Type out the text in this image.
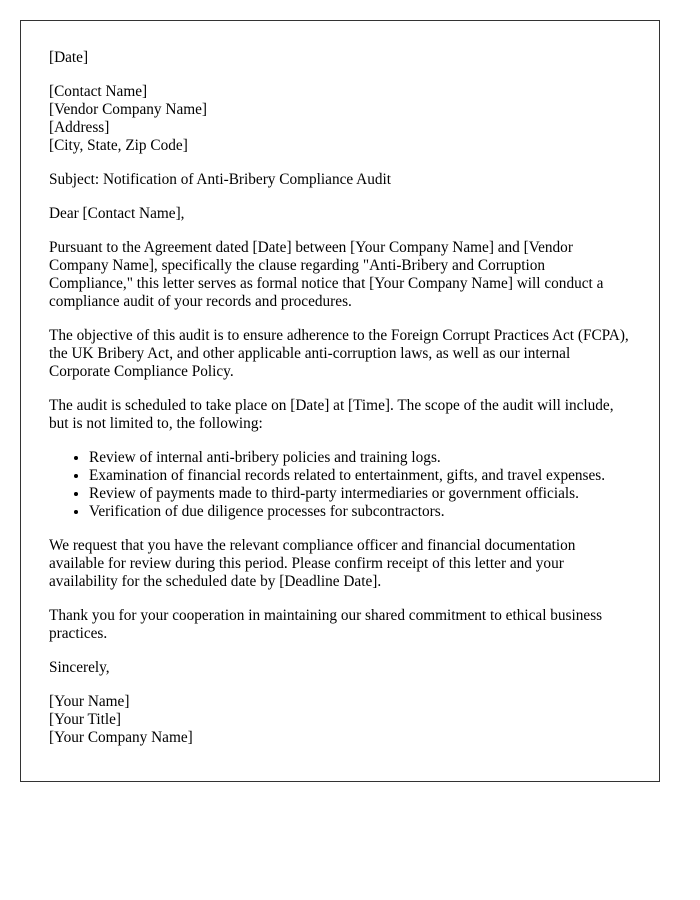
[Date]

[Contact Name]
[Vendor Company Name]
[Address]
[City, State, Zip Code]

Subject: Notification of Anti-Bribery Compliance Audit

Dear [Contact Name],

Pursuant to the Agreement dated [Date] between [Your Company Name] and [Vendor Company Name], specifically the clause regarding "Anti-Bribery and Corruption Compliance," this letter serves as formal notice that [Your Company Name] will conduct a compliance audit of your records and procedures.

The objective of this audit is to ensure adherence to the Foreign Corrupt Practices Act (FCPA), the UK Bribery Act, and other applicable anti-corruption laws, as well as our internal Corporate Compliance Policy.

The audit is scheduled to take place on [Date] at [Time]. The scope of the audit will include, but is not limited to, the following:

• Review of internal anti-bribery policies and training logs.
• Examination of financial records related to entertainment, gifts, and travel expenses.
• Review of payments made to third-party intermediaries or government officials.
• Verification of due diligence processes for subcontractors.

We request that you have the relevant compliance officer and financial documentation available for review during this period. Please confirm receipt of this letter and your availability for the scheduled date by [Deadline Date].

Thank you for your cooperation in maintaining our shared commitment to ethical business practices.

Sincerely,

[Your Name]
[Your Title]
[Your Company Name]
